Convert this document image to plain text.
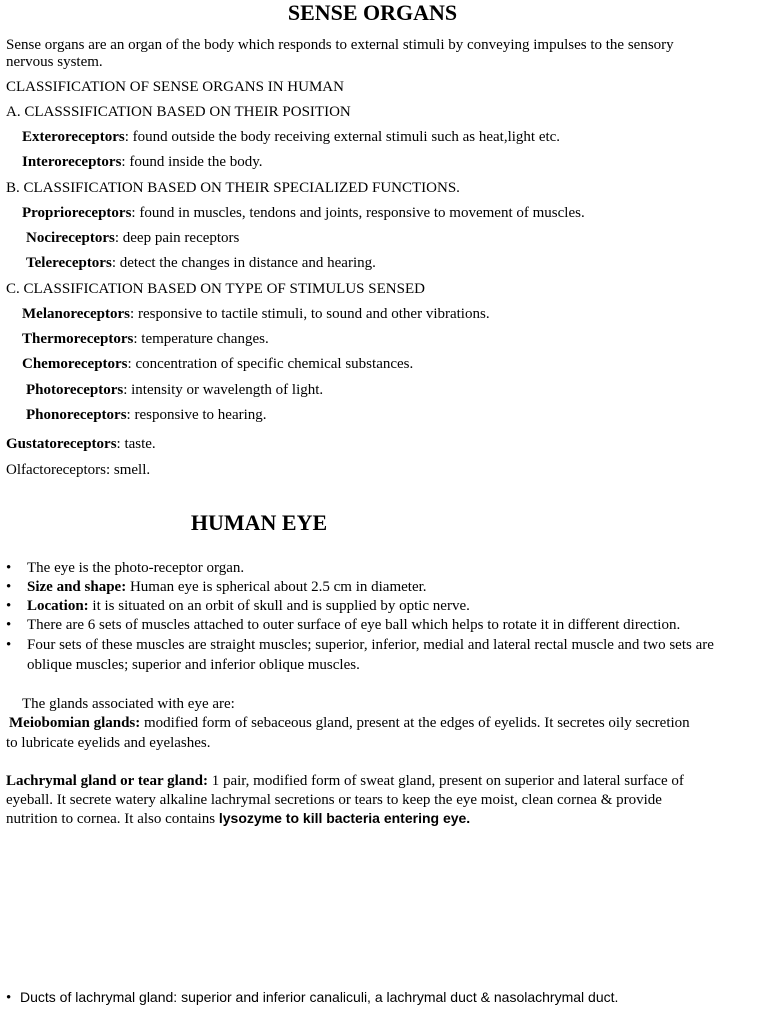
SENSE ORGANS
Sense organs are an organ of the body which responds to external stimuli by conveying impulses to the sensory
nervous system.
CLASSIFICATION OF SENSE ORGANS IN HUMAN
A. CLASSSIFICATION BASED ON THEIR POSITION
Exteroreceptors: found outside the body receiving external stimuli such as heat,light etc.
Interoreceptors: found inside the body.
B. CLASSIFICATION BASED ON THEIR SPECIALIZED FUNCTIONS.
Proprioreceptors: found in muscles, tendons and joints, responsive to movement of muscles.
Nocireceptors: deep pain receptors
Telereceptors: detect the changes in distance and hearing.
C. CLASSIFICATION BASED ON TYPE OF STIMULUS SENSED
Melanoreceptors: responsive to tactile stimuli, to sound and other vibrations.
Thermoreceptors: temperature changes.
Chemoreceptors: concentration of specific chemical substances.
Photoreceptors: intensity or wavelength of light.
Phonoreceptors: responsive to hearing.
Gustatoreceptors: taste.
Olfactoreceptors: smell.
HUMAN EYE
• The eye is the photo-receptor organ.
• Size and shape: Human eye is spherical about 2.5 cm in diameter.
• Location: it is situated on an orbit of skull and is supplied by optic nerve.
• There are 6 sets of muscles attached to outer surface of eye ball which helps to rotate it in different direction.
• Four sets of these muscles are straight muscles; superior, inferior, medial and lateral rectal muscle and two sets are
oblique muscles; superior and inferior oblique muscles.
The glands associated with eye are:
Meiobomian glands: modified form of sebaceous gland, present at the edges of eyelids. It secretes oily secretion
to lubricate eyelids and eyelashes.
Lachrymal gland or tear gland: 1 pair, modified form of sweat gland, present on superior and lateral surface of
eyeball. It secrete watery alkaline lachrymal secretions or tears to keep the eye moist, clean cornea & provide
nutrition to cornea. It also contains lysozyme to kill bacteria entering eye.
• Ducts of lachrymal gland: superior and inferior canaliculi, a lachrymal duct & nasolachrymal duct.
